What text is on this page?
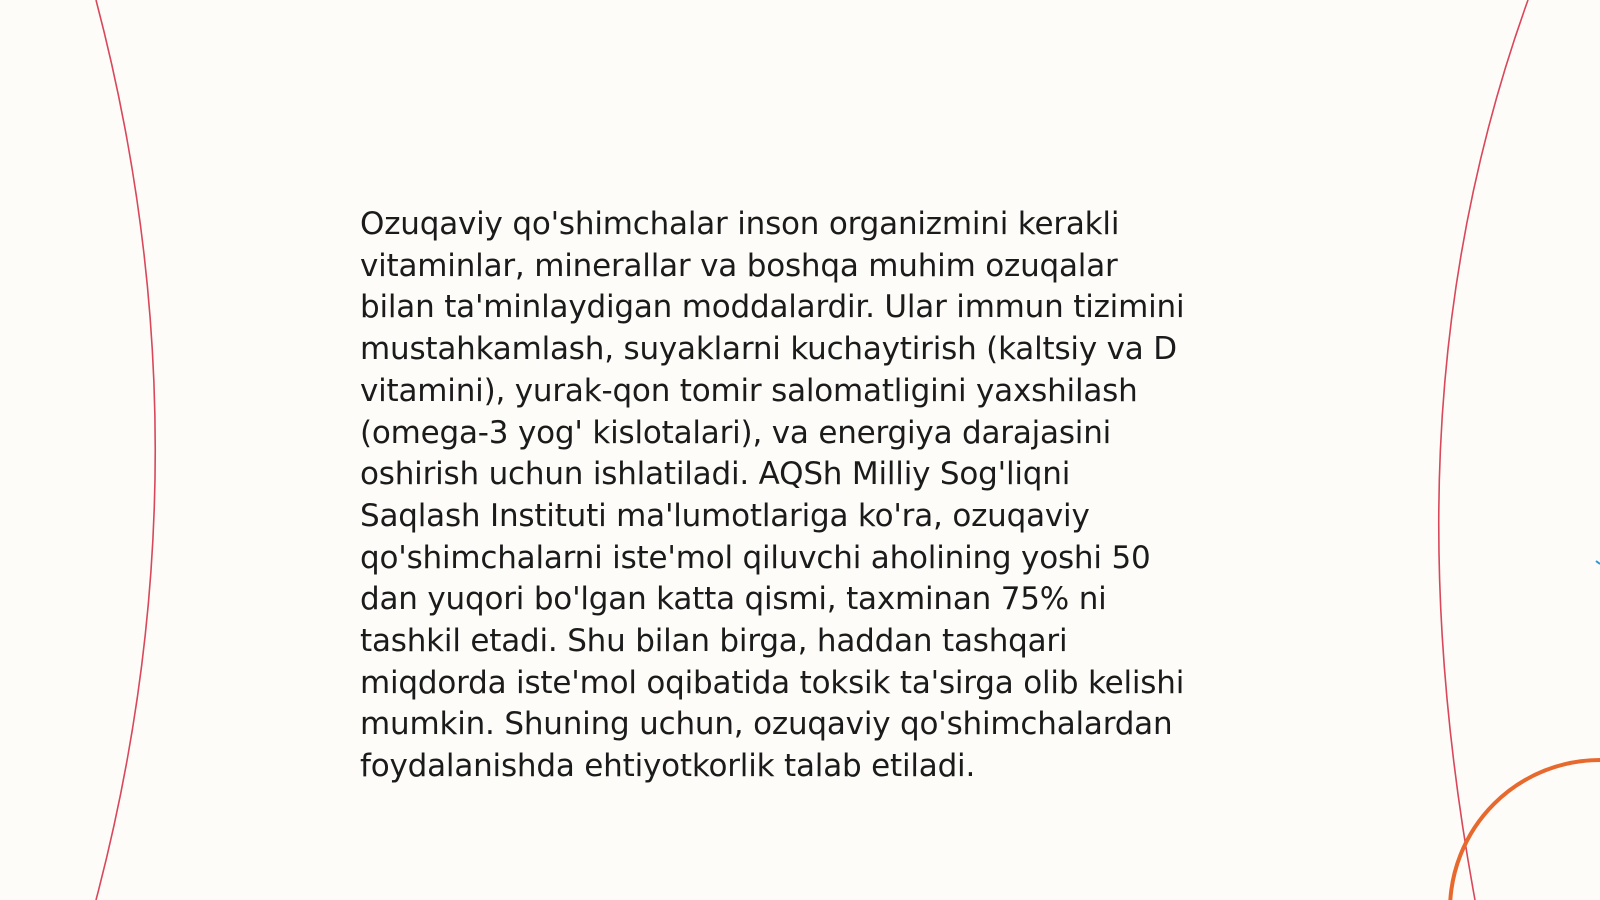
Ozuqaviy qo'shimchalar inson organizmini kerakli
vitaminlar, minerallar va boshqa muhim ozuqalar
bilan ta'minlaydigan moddalardir. Ular immun tizimini
mustahkamlash, suyaklarni kuchaytirish (kaltsiy va D
vitamini), yurak-qon tomir salomatligini yaxshilash
(omega-3 yog' kislotalari), va energiya darajasini
oshirish uchun ishlatiladi. AQSh Milliy Sog'liqni
Saqlash Instituti ma'lumotlariga ko'ra, ozuqaviy
qo'shimchalarni iste'mol qiluvchi aholining yoshi 50
dan yuqori bo'lgan katta qismi, taxminan 75% ni
tashkil etadi. Shu bilan birga, haddan tashqari
miqdorda iste'mol oqibatida toksik ta'sirga olib kelishi
mumkin. Shuning uchun, ozuqaviy qo'shimchalardan
foydalanishda ehtiyotkorlik talab etiladi.
